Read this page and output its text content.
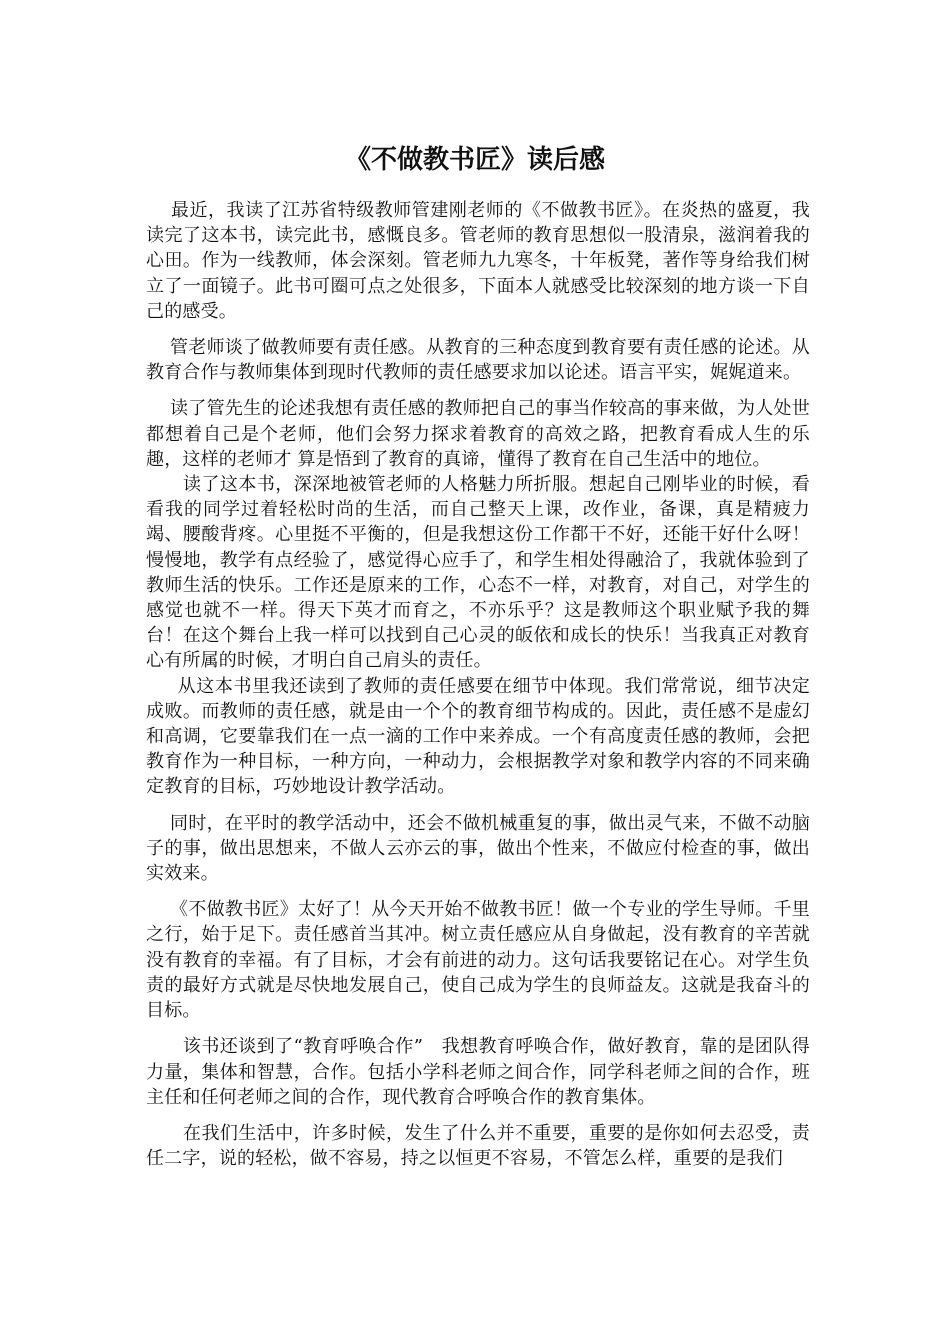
《不做教书匠》读后感

最近，我读了江苏省特级教师管建刚老师的《不做教书匠》。在炎热的盛夏，我读完了这本书，读完此书，感慨良多。管老师的教育思想似一股清泉，滋润着我的心田。作为一线教师，体会深刻。管老师九九寒冬，十年板凳，著作等身给我们树立了一面镜子。此书可圈可点之处很多，下面本人就感受比较深刻的地方谈一下自己的感受。

管老师谈了做教师要有责任感。从教育的三种态度到教育要有责任感的论述。从教育合作与教师集体到现时代教师的责任感要求加以论述。语言平实，娓娓道来。

读了管先生的论述我想有责任感的教师把自己的事当作较高的事来做，为人处世都想着自己是个老师，他们会努力探求着教育的高效之路，把教育看成人生的乐趣，这样的老师才 算是悟到了教育的真谛，懂得了教育在自己生活中的地位。

读了这本书，深深地被管老师的人格魅力所折服。想起自己刚毕业的时候，看看我的同学过着轻松时尚的生活，而自己整天上课，改作业，备课，真是精疲力竭、腰酸背疼。心里挺不平衡的，但是我想这份工作都干不好，还能干好什么呀！慢慢地，教学有点经验了，感觉得心应手了，和学生相处得融洽了，我就体验到了教师生活的快乐。工作还是原来的工作，心态不一样，对教育，对自己，对学生的感觉也就不一样。得天下英才而育之，不亦乐乎？这是教师这个职业赋予我的舞台！在这个舞台上我一样可以找到自己心灵的皈依和成长的快乐！当我真正对教育心有所属的时候，才明白自己肩头的责任。

从这本书里我还读到了教师的责任感要在细节中体现。我们常常说，细节决定成败。而教师的责任感，就是由一个个的教育细节构成的。因此，责任感不是虚幻和高调，它要靠我们在一点一滴的工作中来养成。一个有高度责任感的教师，会把教育作为一种目标，一种方向，一种动力，会根据教学对象和教学内容的不同来确定教育的目标，巧妙地设计教学活动。

同时，在平时的教学活动中，还会不做机械重复的事，做出灵气来，不做不动脑子的事，做出思想来，不做人云亦云的事，做出个性来，不做应付检查的事，做出实效来。

《不做教书匠》太好了！从今天开始不做教书匠！做一个专业的学生导师。千里之行，始于足下。责任感首当其冲。树立责任感应从自身做起，没有教育的辛苦就没有教育的幸福。有了目标，才会有前进的动力。这句话我要铭记在心。对学生负责的最好方式就是尽快地发展自己，使自己成为学生的良师益友。这就是我奋斗的目标。

该书还谈到了“教育呼唤合作”   我想教育呼唤合作，做好教育，靠的是团队得力量，集体和智慧，合作。包括小学科老师之间合作，同学科老师之间的合作，班主任和任何老师之间的合作，现代教育合呼唤合作的教育集体。

在我们生活中，许多时候，发生了什么并不重要，重要的是你如何去忍受，责任二字，说的轻松，做不容易，持之以恒更不容易，不管怎么样，重要的是我们
